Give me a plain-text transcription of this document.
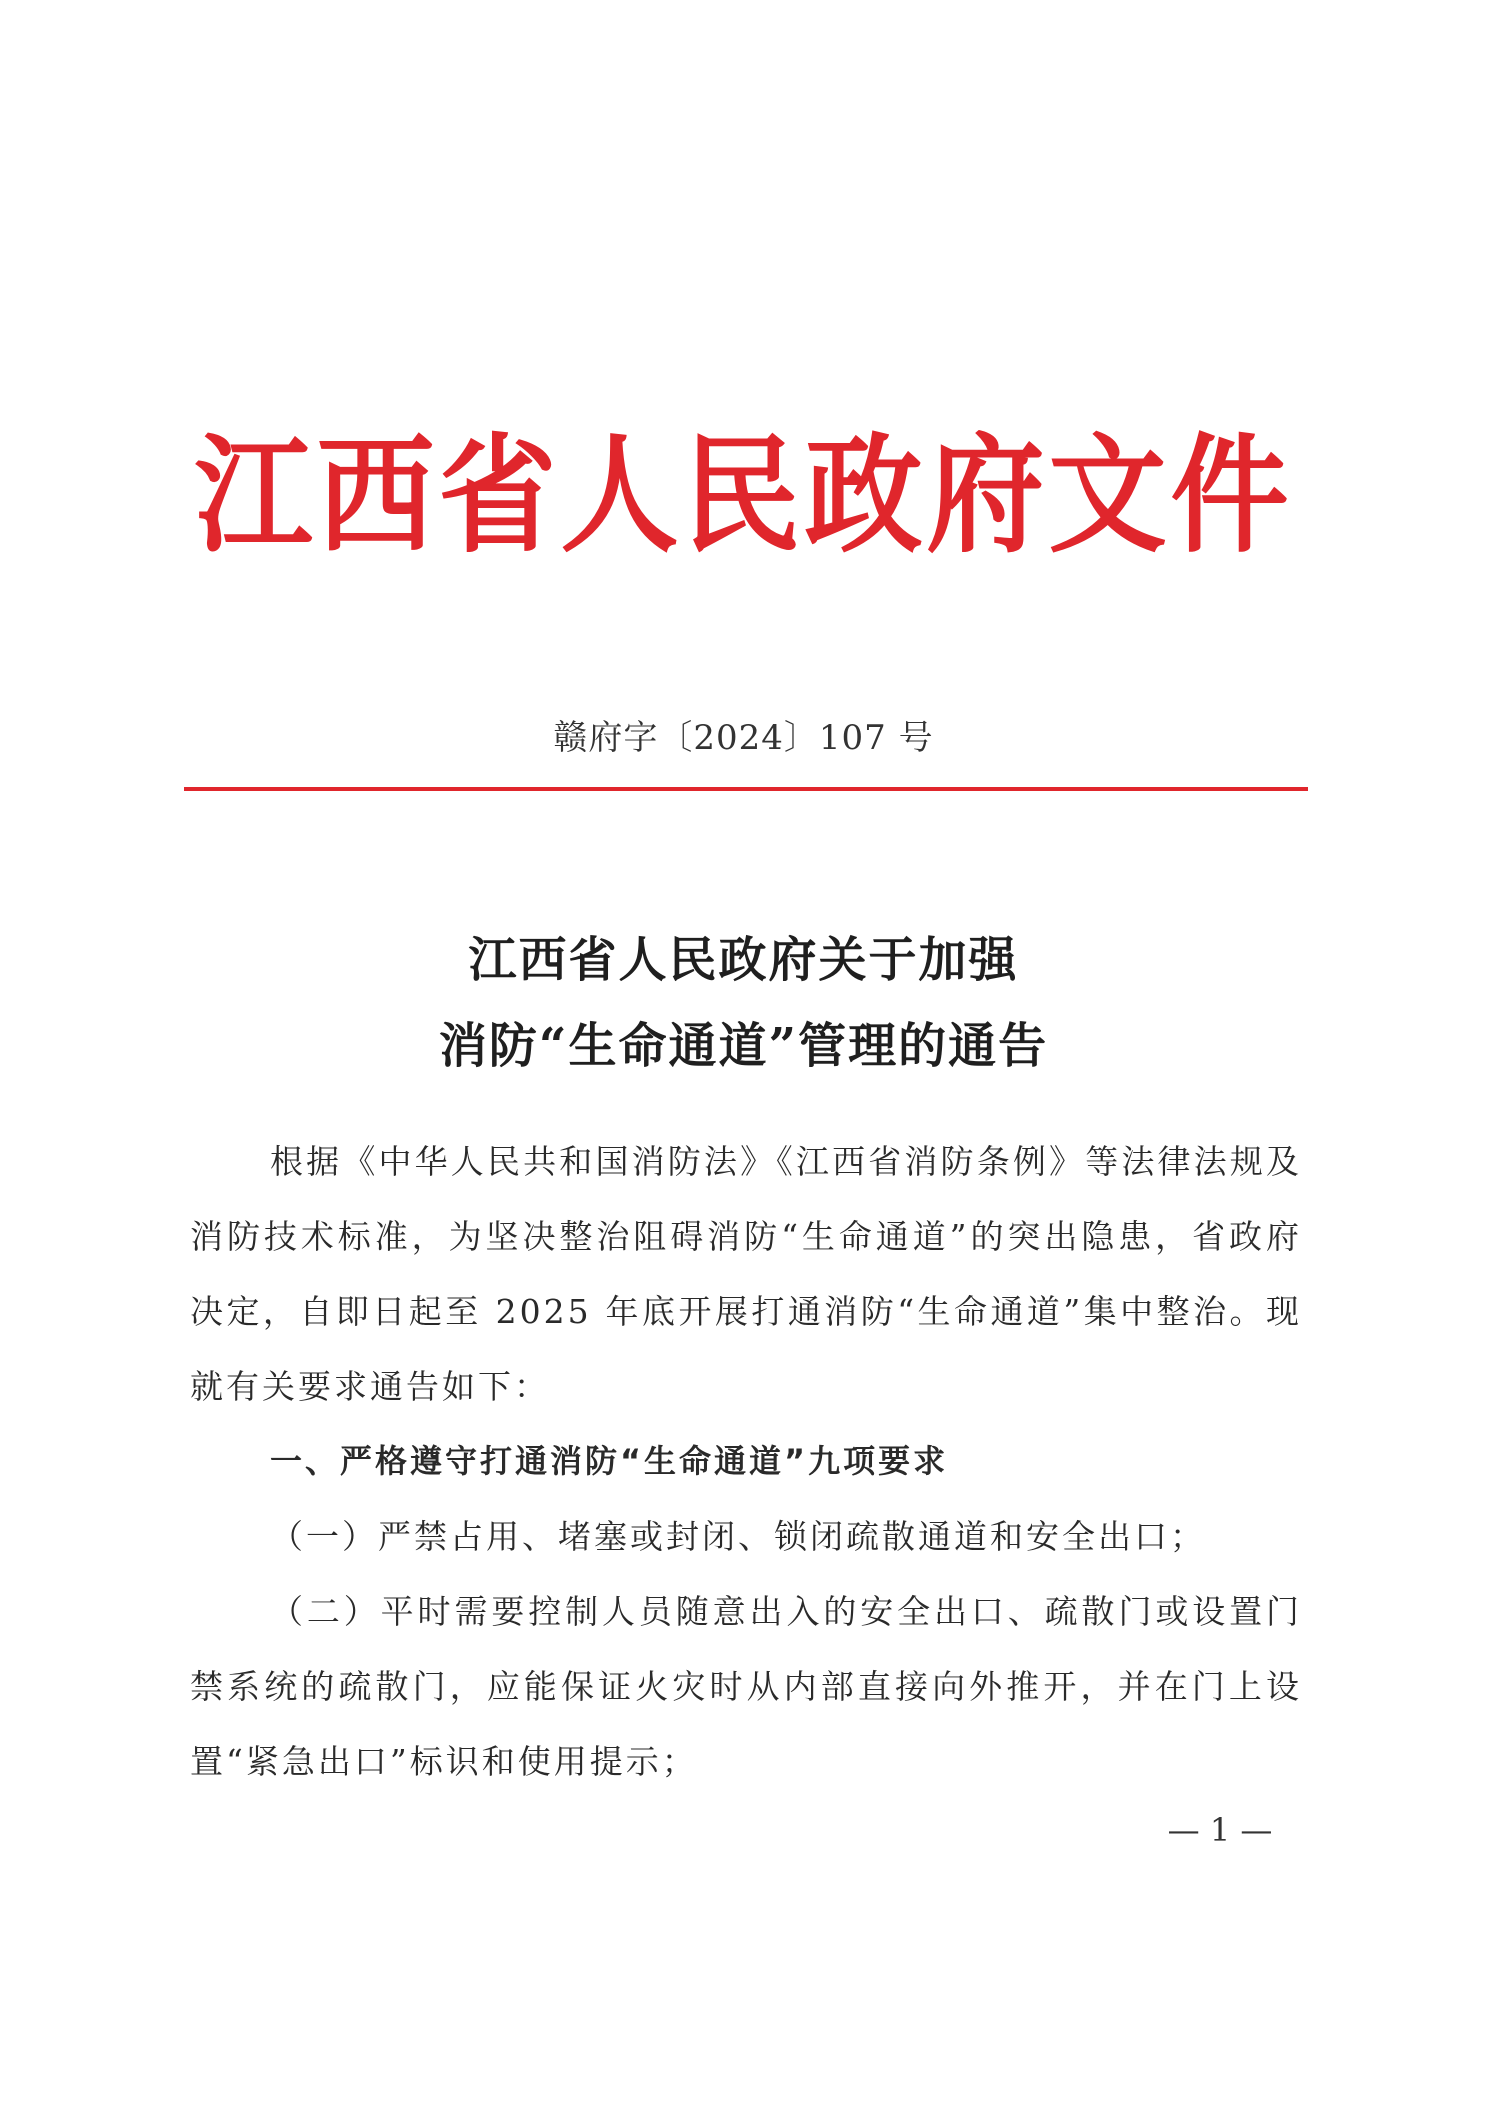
江西省人民政府文件
赣府字〔2024〕107 号
江西省人民政府关于加强
消防“生命通道”管理的通告

根据《中华人民共和国消防法》《江西省消防条例》等法律法规及消防技术标准，为坚决整治阻碍消防“生命通道”的突出隐患，省政府决定，自即日起至 2025 年底开展打通消防“生命通道”集中整治。现就有关要求通告如下：

一、严格遵守打通消防“生命通道”九项要求

（一）严禁占用、堵塞或封闭、锁闭疏散通道和安全出口；

（二）平时需要控制人员随意出入的安全出口、疏散门或设置门禁系统的疏散门，应能保证火灾时从内部直接向外推开，并在门上设置“紧急出口”标识和使用提示；

— 1 —
